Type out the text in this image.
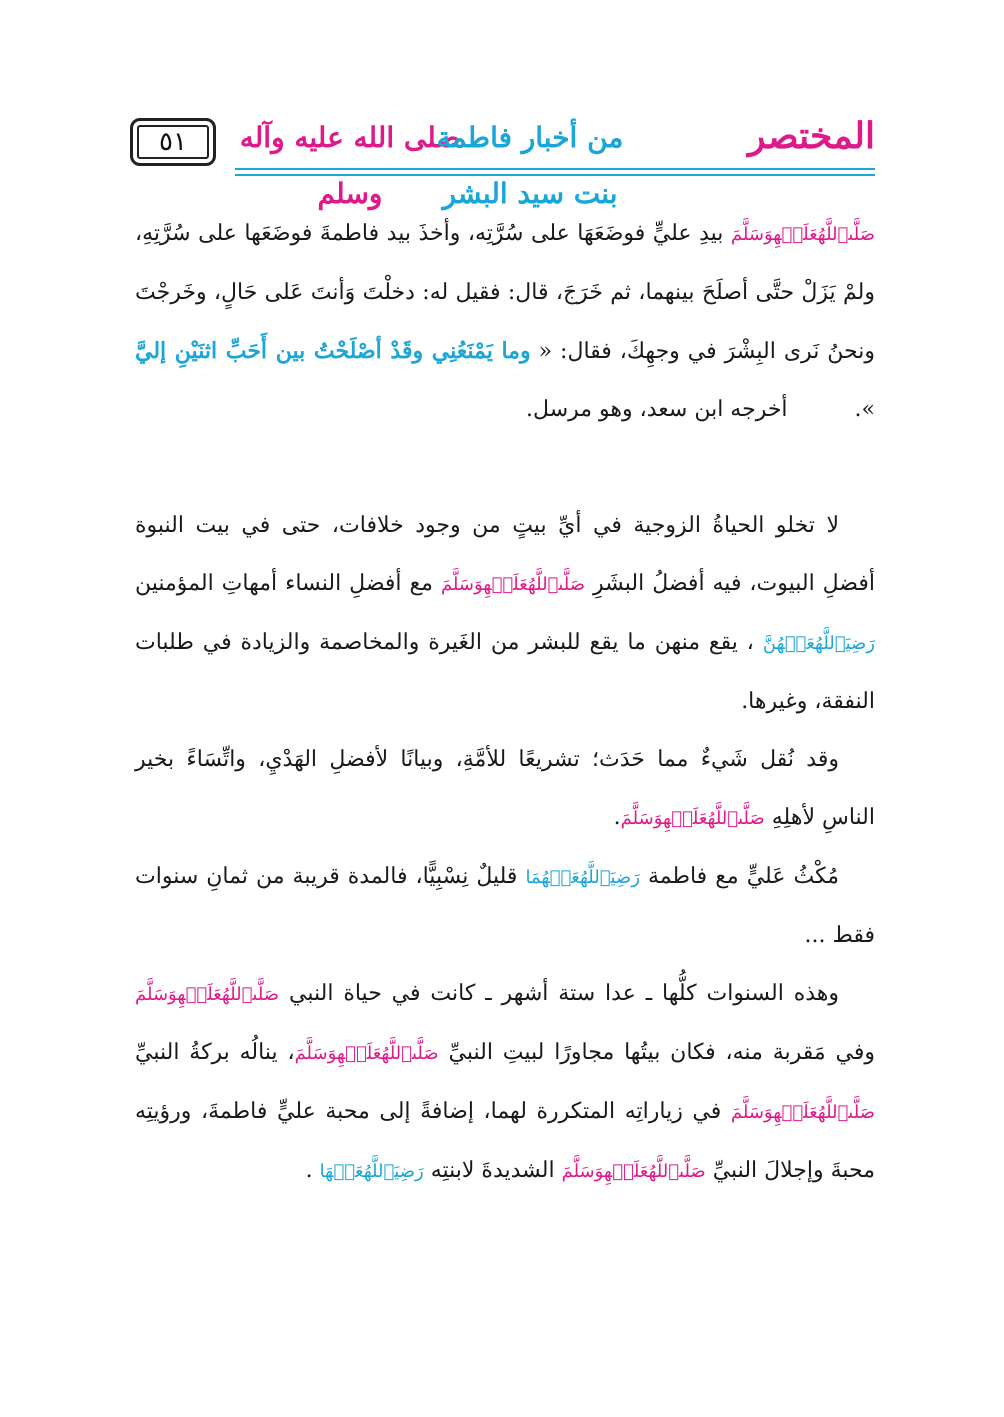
٥١	صلى الله عليه وآله وسلم
من أخبار فاطمة بنت سيد البشر
المختصر

صَلَّىٱللَّهُعَلَيۡهِوَسَلَّمَ بيدِ عليٍّ فوضَعَهَا على سُرَّتِه، وأخذَ بيد فاطمةَ فوضَعَها على سُرَّتِهِ، ولمْ يَزَلْ حتَّى أصلَحَ بينهما، ثم خَرَجَ، قال: فقيل له: دخلْتَ وَأنتَ عَلى حَالٍ، وخَرجْتَ ونحنُ نَرى البِشْرَ في وجهِكَ، فقال: « وما يَمْنَعُنِي وقَدْ أصْلَحْتُ بين أَحَبِّ اثنَيْنِ إليَّ ». أخرجه ابن سعد، وهو مرسل.

لا تخلو الحياةُ الزوجية في أيِّ بيتٍ من وجود خلافات، حتى في بيت النبوة أفضلِ البيوت، فيه أفضلُ البشَرِ صَلَّىٱللَّهُعَلَيۡهِوَسَلَّمَ مع أفضلِ النساء أمهاتِ المؤمنين رَضِيَٱللَّهُعَنۡهُنَّ ، يقع منهن ما يقع للبشر من الغَيرة والمخاصمة والزيادة في طلبات النفقة، وغيرها.

وقد نُقل شَيءٌ مما حَدَث؛ تشريعًا للأمَّةِ، وبيانًا لأفضلِ الهَدْيِ، واتِّسَاءً بخير الناسِ لأهلِهِ صَلَّىٱللَّهُعَلَيۡهِوَسَلَّمَ.

مُكْثُ عَليٍّ مع فاطمة رَضِيَٱللَّهُعَنۡهُمَا قليلٌ نِسْبِيًّا، فالمدة قريبة من ثمانِ سنوات فقط ...

وهذه السنوات كلُّها ـ عدا ستة أشهر ـ كانت في حياة النبي صَلَّىٱللَّهُعَلَيۡهِوَسَلَّمَ وفي مَقربة منه، فكان بيتُها مجاورًا لبيتِ النبيِّ صَلَّىٱللَّهُعَلَيۡهِوَسَلَّمَ، ينالُه بركةُ النبيِّ صَلَّىٱللَّهُعَلَيۡهِوَسَلَّمَ في زياراتِه المتكررة لهما، إضافةً إلى محبة عليٍّ فاطمةَ، ورؤيتِه محبةَ وإجلالَ النبيِّ صَلَّىٱللَّهُعَلَيۡهِوَسَلَّمَ الشديدةَ لابنتِه رَضِيَٱللَّهُعَنۡهَا .
